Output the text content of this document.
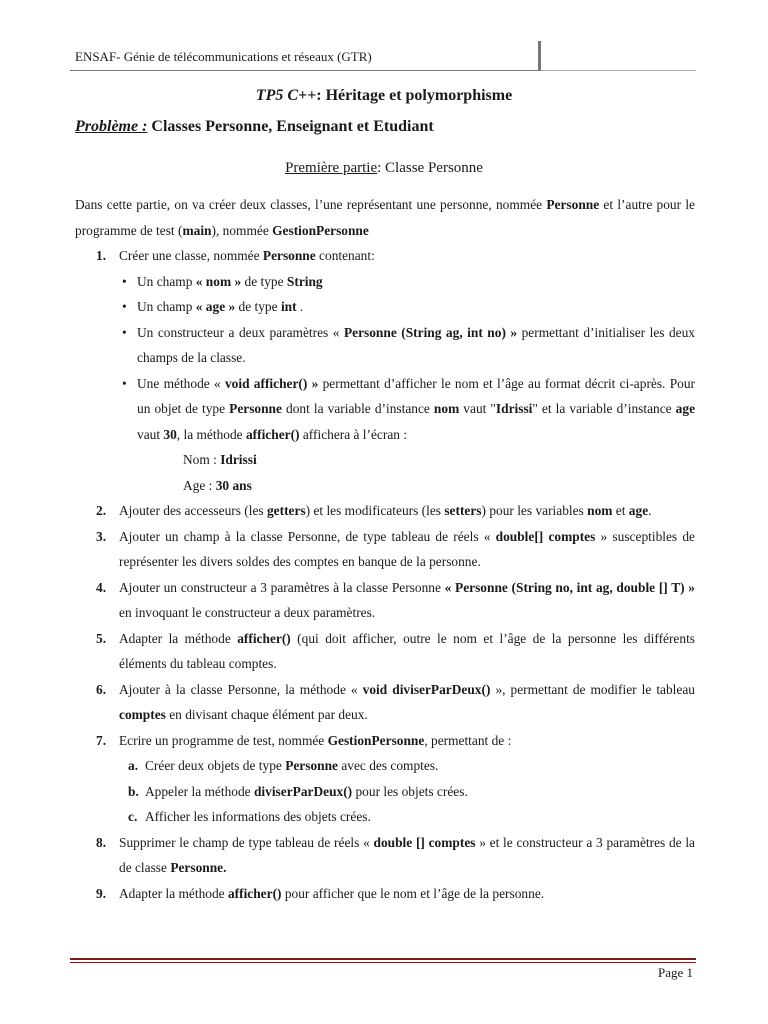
ENSAF- Génie de télécommunications et réseaux (GTR)
TP5 C++: Héritage et polymorphisme
Problème : Classes Personne, Enseignant et Etudiant
Première partie: Classe Personne

Dans cette partie, on va créer deux classes, l’une représentant une personne, nommée Personne et l’autre pour le programme de test (main), nommée GestionPersonne

1. Créer une classe, nommée Personne contenant:
• Un champ « nom » de type String
• Un champ « age » de type int .
• Un constructeur a deux paramètres « Personne (String ag, int no) » permettant d’initialiser les deux champs de la classe.
• Une méthode « void afficher() » permettant d’afficher le nom et l’âge au format décrit ci-après. Pour un objet de type Personne dont la variable d’instance nom vaut "Idrissi" et la variable d’instance age vaut 30, la méthode afficher() affichera à l’écran :
Nom : Idrissi
Age : 30 ans
2. Ajouter des accesseurs (les getters) et les modificateurs (les setters) pour les variables nom et age.
3. Ajouter un champ à la classe Personne, de type tableau de réels « double[] comptes » susceptibles de représenter les divers soldes des comptes en banque de la personne.
4. Ajouter un constructeur a 3 paramètres à la classe Personne « Personne (String no, int ag, double [] T) » en invoquant le constructeur a deux paramètres.
5. Adapter la méthode afficher() (qui doit afficher, outre le nom et l’âge de la personne les différents éléments du tableau comptes.
6. Ajouter à la classe Personne, la méthode « void diviserParDeux() », permettant de modifier le tableau comptes en divisant chaque élément par deux.
7. Ecrire un programme de test, nommée GestionPersonne, permettant de :
a. Créer deux objets de type Personne avec des comptes.
b. Appeler la méthode diviserParDeux() pour les objets crées.
c. Afficher les informations des objets crées.
8. Supprimer le champ de type tableau de réels « double [] comptes » et le constructeur a 3 paramètres de la de classe Personne.
9. Adapter la méthode afficher() pour afficher que le nom et l’âge de la personne.
Page 1
